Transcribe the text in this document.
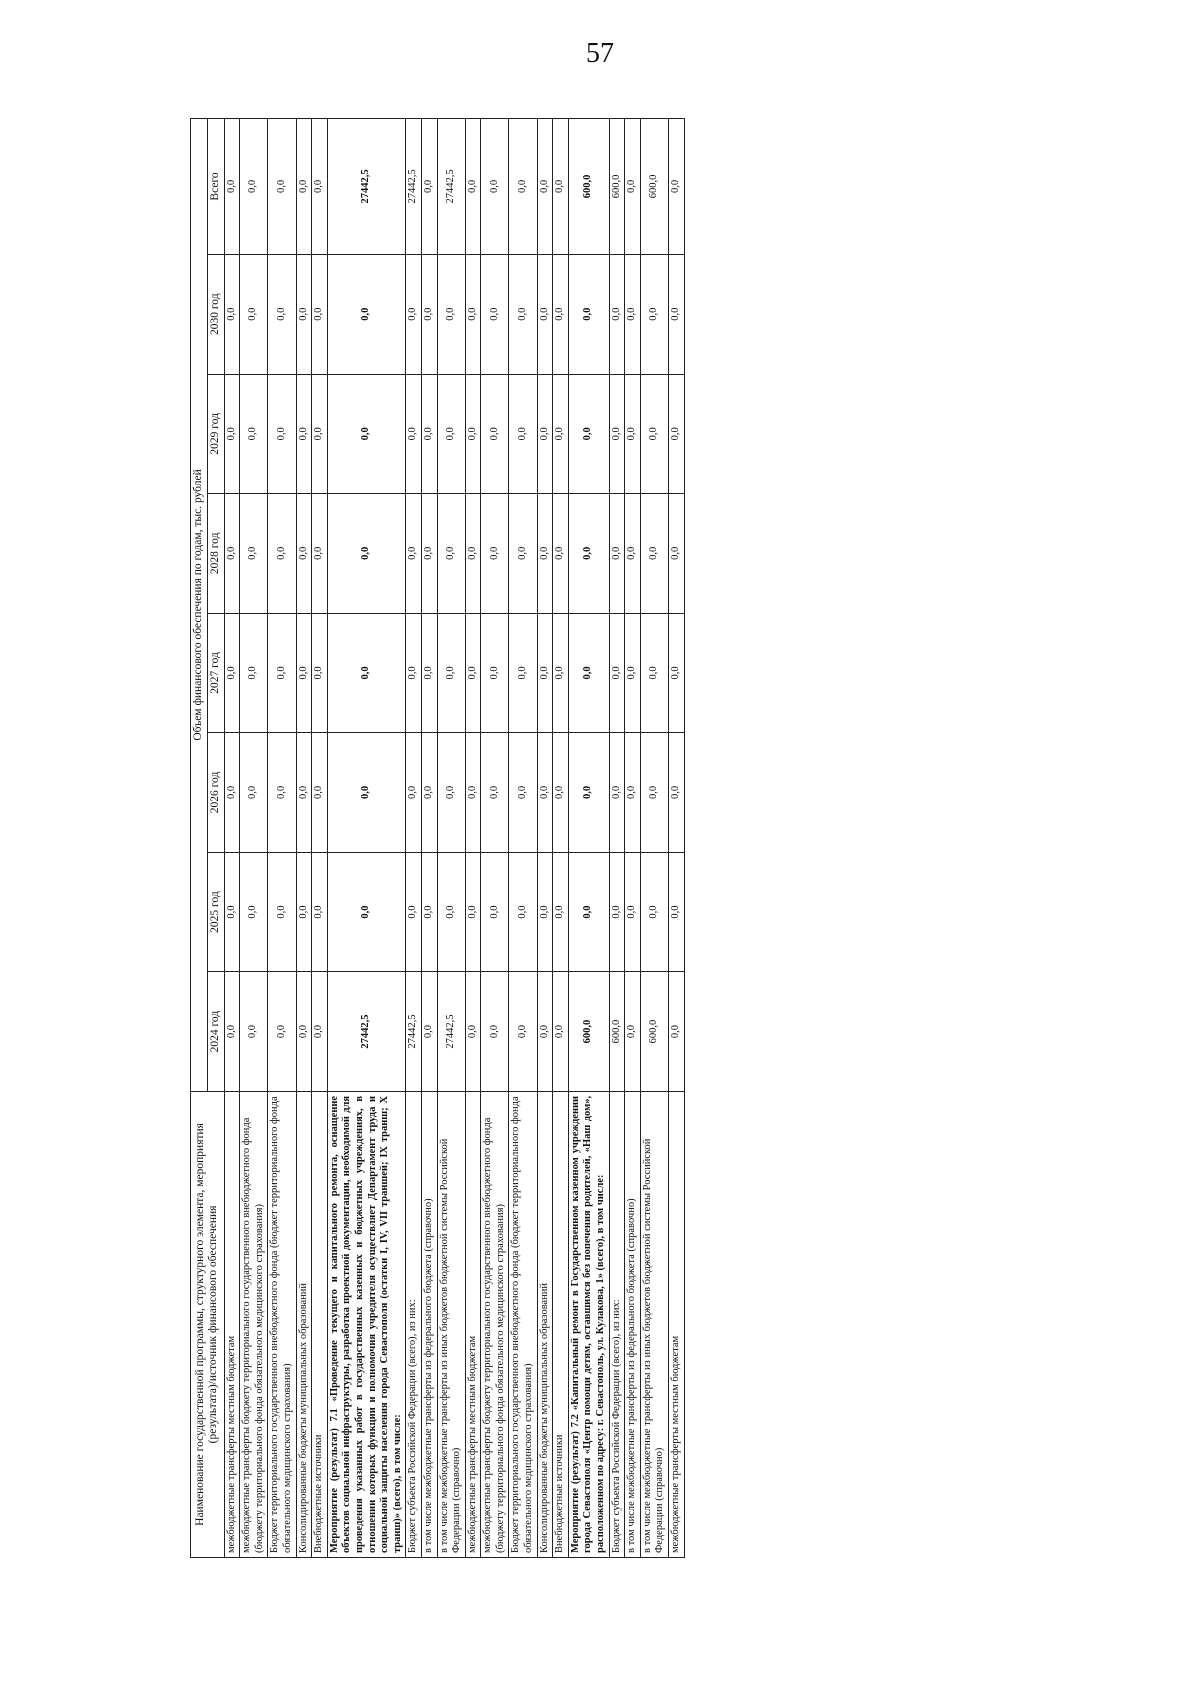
57
Наименование государственной программы, структурного элемента, мероприятия (результата)/источник финансового обеспечения	Объем финансового обеспечения по годам, тыс. рублей							
	2024 год	2025 год	2026 год	2027 год	2028 год	2029 год	2030 год	Всего
межбюджетные трансферты местным бюджетам	0,0	0,0	0,0	0,0	0,0	0,0	0,0	0,0
межбюджетные трансферты бюджету территориального государственного внебюджетного фонда (бюджету территориального фонда обязательного медицинского страхования)	0,0	0,0	0,0	0,0	0,0	0,0	0,0	0,0
Бюджет территориального государственного внебюджетного фонда (бюджет территориального фонда обязательного медицинского страхования)	0,0	0,0	0,0	0,0	0,0	0,0	0,0	0,0
Консолидированные бюджеты муниципальных образований	0,0	0,0	0,0	0,0	0,0	0,0	0,0	0,0
Внебюджетные источники	0,0	0,0	0,0	0,0	0,0	0,0	0,0	0,0
Мероприятие (результат) 7.1 «Проведение текущего и капитального ремонта, оснащение объектов социальной инфраструктуры, разработка проектной документации, необходимой для проведения указанных работ в государственных казенных и бюджетных учреждениях, в отношении которых функции и полномочия учредителя осуществляет Департамент труда и социальной защиты населения города Севастополя (остатки I, IV, VII траншей; IX транш; X транш)» (всего), в том числе:	27442,5	0,0	0,0	0,0	0,0	0,0	0,0	27442,5
Бюджет субъекта Российской Федерации (всего), из них:	27442,5	0,0	0,0	0,0	0,0	0,0	0,0	27442,5
в том числе межбюджетные трансферты из федерального бюджета (справочно)	0,0	0,0	0,0	0,0	0,0	0,0	0,0	0,0
в том числе межбюджетные трансферты из иных бюджетов бюджетной системы Российской Федерации (справочно)	27442,5	0,0	0,0	0,0	0,0	0,0	0,0	27442,5
межбюджетные трансферты местным бюджетам	0,0	0,0	0,0	0,0	0,0	0,0	0,0	0,0
межбюджетные трансферты бюджету территориального государственного внебюджетного фонда (бюджету территориального фонда обязательного медицинского страхования)	0,0	0,0	0,0	0,0	0,0	0,0	0,0	0,0
Бюджет территориального государственного внебюджетного фонда (бюджет территориального фонда обязательного медицинского страхования)	0,0	0,0	0,0	0,0	0,0	0,0	0,0	0,0
Консолидированные бюджеты муниципальных образований	0,0	0,0	0,0	0,0	0,0	0,0	0,0	0,0
Внебюджетные источники	0,0	0,0	0,0	0,0	0,0	0,0	0,0	0,0
Мероприятие (результат) 7.2 «Капитальный ремонт в Государственном казенном учреждении города Севастополя «Центр помощи детям, оставшимся без попечения родителей, «Наш дом», расположенном по адресу: г. Севастополь, ул. Кулакова, 1» (всего), в том числе:	600,0	0,0	0,0	0,0	0,0	0,0	0,0	600,0
Бюджет субъекта Российской Федерации (всего), из них:	600,0	0,0	0,0	0,0	0,0	0,0	0,0	600,0
в том числе межбюджетные трансферты из федерального бюджета (справочно)	0,0	0,0	0,0	0,0	0,0	0,0	0,0	0,0
в том числе межбюджетные трансферты из иных бюджетов бюджетной системы Российской Федерации (справочно)	600,0	0,0	0,0	0,0	0,0	0,0	0,0	600,0
межбюджетные трансферты местным бюджетам	0,0	0,0	0,0	0,0	0,0	0,0	0,0	0,0
